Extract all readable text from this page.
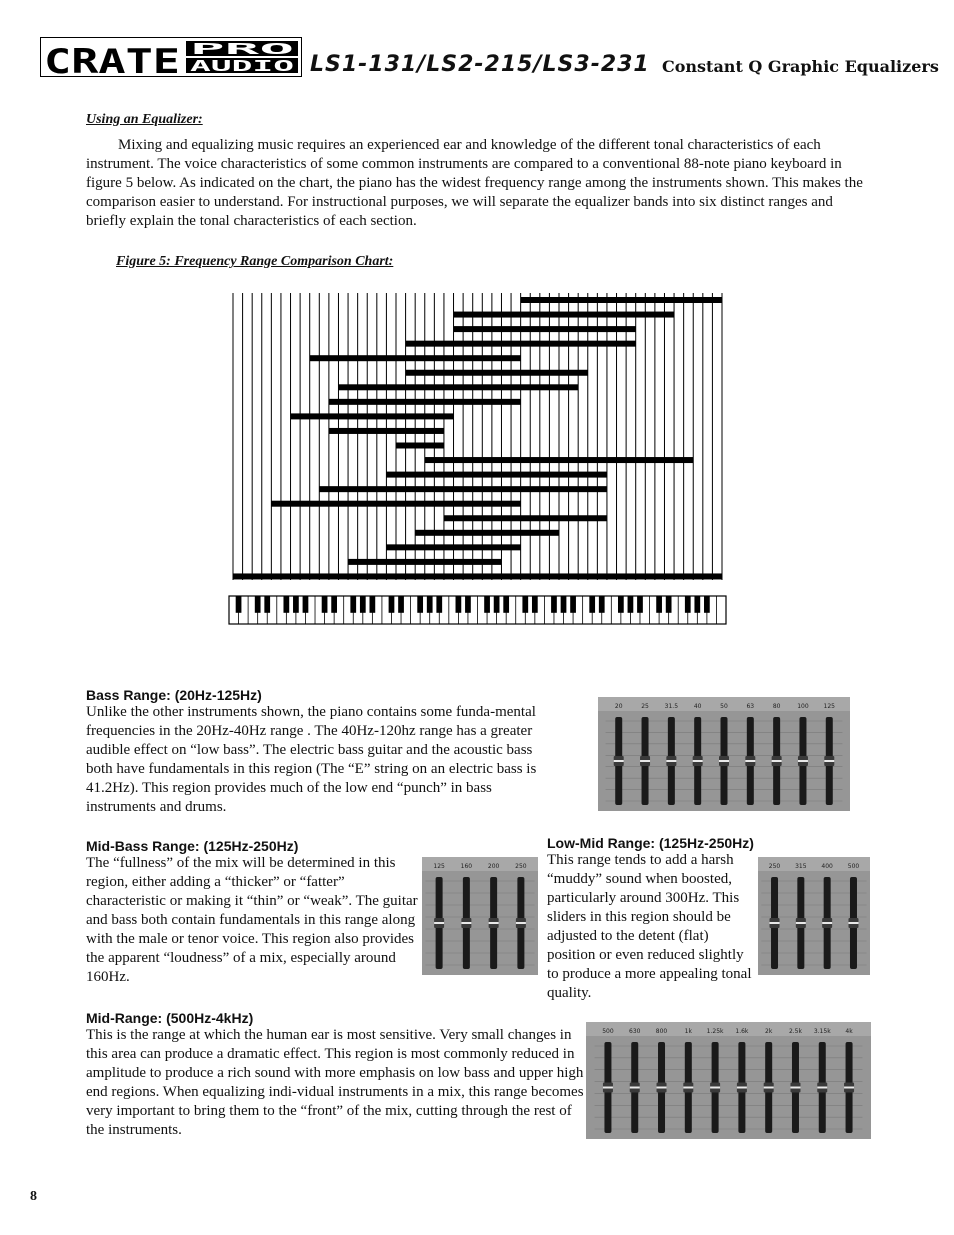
CRATE PRO
AUDIO LS1-131/LS2-215/LS3-231 Constant Q Graphic Equalizers
Using an Equalizer:

Mixing and equalizing music requires an experienced ear and knowledge of the different tonal characteristics of each instrument. The voice characteristics of some common instruments are compared to a conventional 88-note piano keyboard in figure 5 below. As indicated on the chart, the piano has the widest frequency range among the instruments shown. This makes the comparison easier to understand. For instructional purposes, we will separate the equalizer bands into six distinct ranges and briefly explain the tonal characteristics of each section.

Figure 5: Frequency Range Comparison Chart:

Bass Range: (20Hz-125Hz)

Unlike the other instruments shown, the piano contains some funda-mental frequencies in the 20Hz-40Hz range . The 40Hz-120hz range has a greater audible effect on “low bass”. The electric bass guitar and the acoustic bass both have fundamentals in this region (The “E” string on an electric bass is 41.2Hz). This region provides much of the low end “punch” in bass instruments and drums.

20	25	31.5	40	50	63	80	100 125

Mid-Bass Range: (125Hz-250Hz)

The “fullness” of the mix will be determined in this region, either adding a “thicker” or “fatter” characteristic or making it “thin” or “weak”. The guitar and bass both contain fundamentals in this range along with the male or tenor voice. This region also provides the apparent “loudness” of a mix, especially around 160Hz.

125	160	200	250

Low-Mid Range: (125Hz-250Hz)

This range tends to add a harsh “muddy” sound when boosted, particularly around 300Hz. This sliders in this region should be adjusted to the detent (flat) position or even reduced slightly to produce a more appealing tonal quality.

250 315 400 500

Mid-Range: (500Hz-4kHz)

This is the range at which the human ear is most sensitive. Very small changes in this area can produce a dramatic effect. This region is most commonly reduced in amplitude to produce a rich sound with more emphasis on low bass and upper high end regions. When equalizing indi-vidual instruments in a mix, this range becomes very important to bring them to the “front” of the mix, cutting through the rest of the instruments.

500	630	800	1k 1.25k 1.6k	2k	2.5k 3.15k 4k
8
